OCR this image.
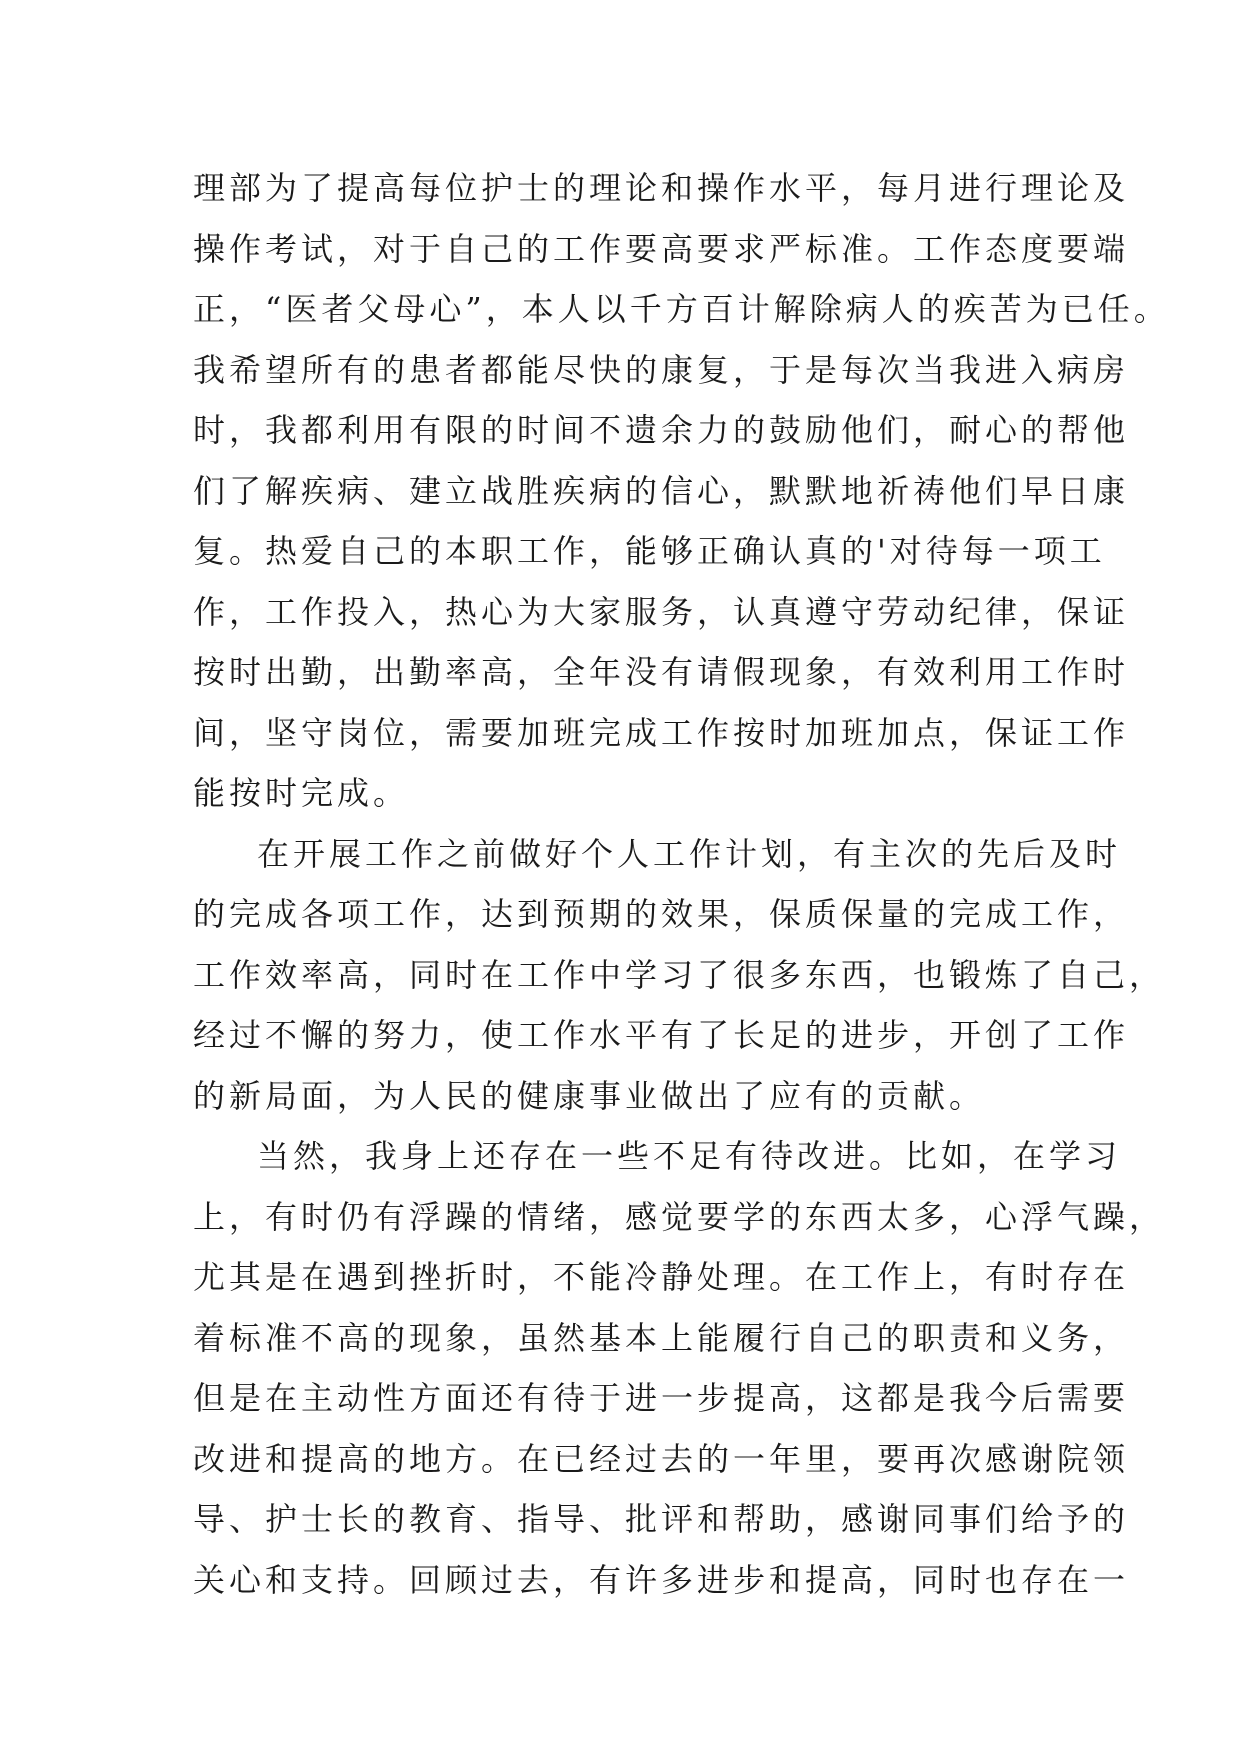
理部为了提高每位护士的理论和操作水平，每月进行理论及
操作考试，对于自己的工作要高要求严标准。工作态度要端
正，“医者父母心”，本人以千方百计解除病人的疾苦为已任。
我希望所有的患者都能尽快的康复，于是每次当我进入病房
时，我都利用有限的时间不遗余力的鼓励他们，耐心的帮他
们了解疾病、建立战胜疾病的信心，默默地祈祷他们早日康
复。热爱自己的本职工作，能够正确认真的'对待每一项工
作，工作投入，热心为大家服务，认真遵守劳动纪律，保证
按时出勤，出勤率高，全年没有请假现象，有效利用工作时
间，坚守岗位，需要加班完成工作按时加班加点，保证工作
能按时完成。
在开展工作之前做好个人工作计划，有主次的先后及时
的完成各项工作，达到预期的效果，保质保量的完成工作，
工作效率高，同时在工作中学习了很多东西，也锻炼了自己，
经过不懈的努力，使工作水平有了长足的进步，开创了工作
的新局面，为人民的健康事业做出了应有的贡献。
当然，我身上还存在一些不足有待改进。比如，在学习
上，有时仍有浮躁的情绪，感觉要学的东西太多，心浮气躁，
尤其是在遇到挫折时，不能冷静处理。在工作上，有时存在
着标准不高的现象，虽然基本上能履行自己的职责和义务，
但是在主动性方面还有待于进一步提高，这都是我今后需要
改进和提高的地方。在已经过去的一年里，要再次感谢院领
导、护士长的教育、指导、批评和帮助，感谢同事们给予的
关心和支持。回顾过去，有许多进步和提高，同时也存在一
